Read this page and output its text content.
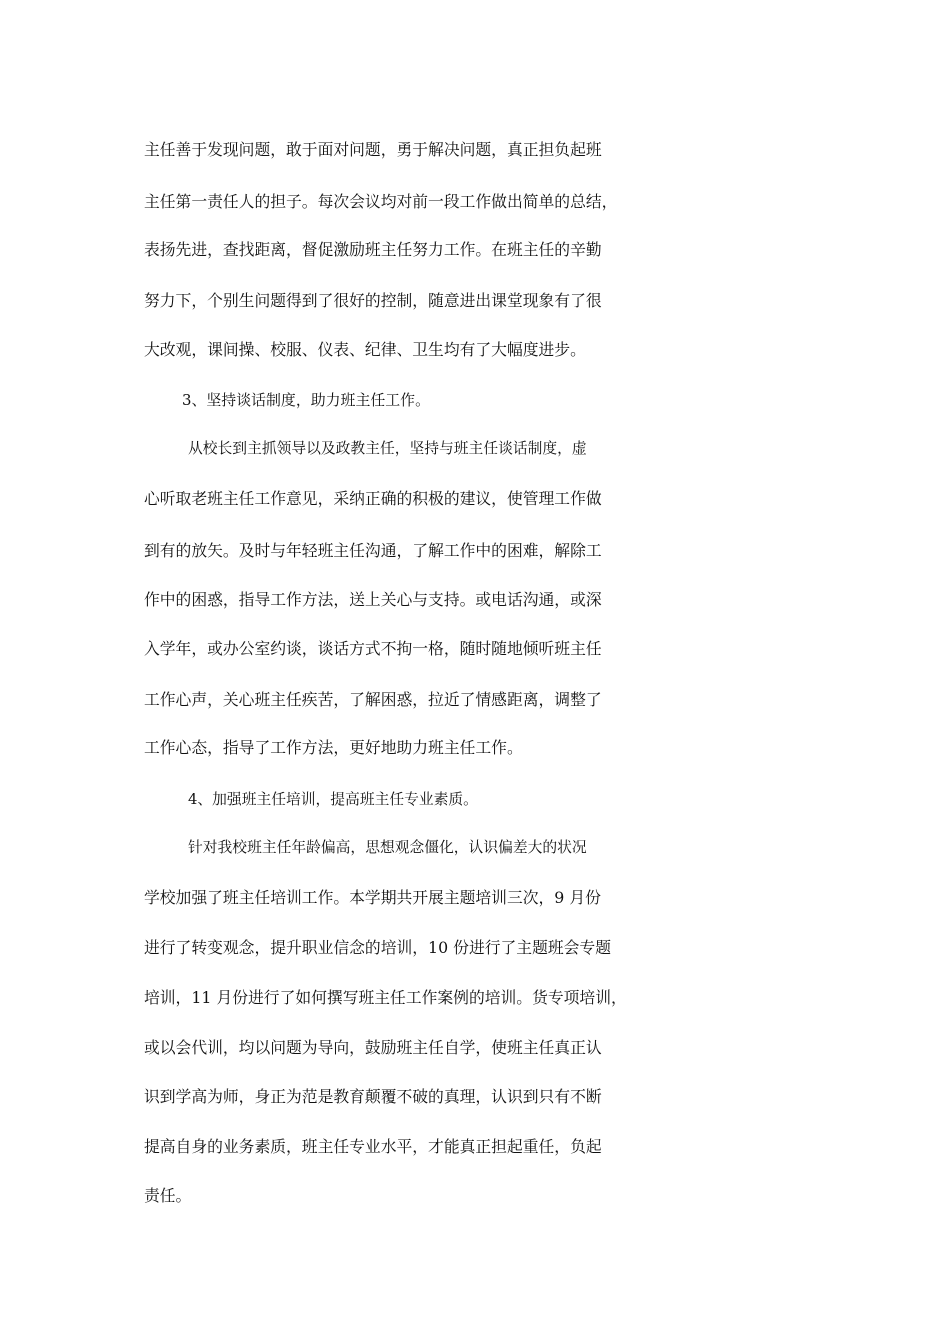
主任善于发现问题，敢于面对问题，勇于解决问题，真正担负起班
主任第一责任人的担子。每次会议均对前一段工作做出简单的总结，
表扬先进，查找距离，督促激励班主任努力工作。在班主任的辛勤
努力下，个别生问题得到了很好的控制，随意进出课堂现象有了很
大改观，课间操、校服、仪表、纪律、卫生均有了大幅度进步。
3、坚持谈话制度，助力班主任工作。
从校长到主抓领导以及政教主任，坚持与班主任谈话制度，虚
心听取老班主任工作意见，采纳正确的积极的建议，使管理工作做
到有的放矢。及时与年轻班主任沟通，了解工作中的困难，解除工
作中的困惑，指导工作方法，送上关心与支持。或电话沟通，或深
入学年，或办公室约谈，谈话方式不拘一格，随时随地倾听班主任
工作心声，关心班主任疾苦，了解困惑，拉近了情感距离，调整了
工作心态，指导了工作方法，更好地助力班主任工作。
4、加强班主任培训，提高班主任专业素质。
针对我校班主任年龄偏高，思想观念僵化，认识偏差大的状况
学校加强了班主任培训工作。本学期共开展主题培训三次，9 月份
进行了转变观念，提升职业信念的培训，10 份进行了主题班会专题
培训，11 月份进行了如何撰写班主任工作案例的培训。货专项培训，
或以会代训，均以问题为导向，鼓励班主任自学，使班主任真正认
识到学高为师，身正为范是教育颠覆不破的真理，认识到只有不断
提高自身的业务素质，班主任专业水平，才能真正担起重任，负起
责任。
